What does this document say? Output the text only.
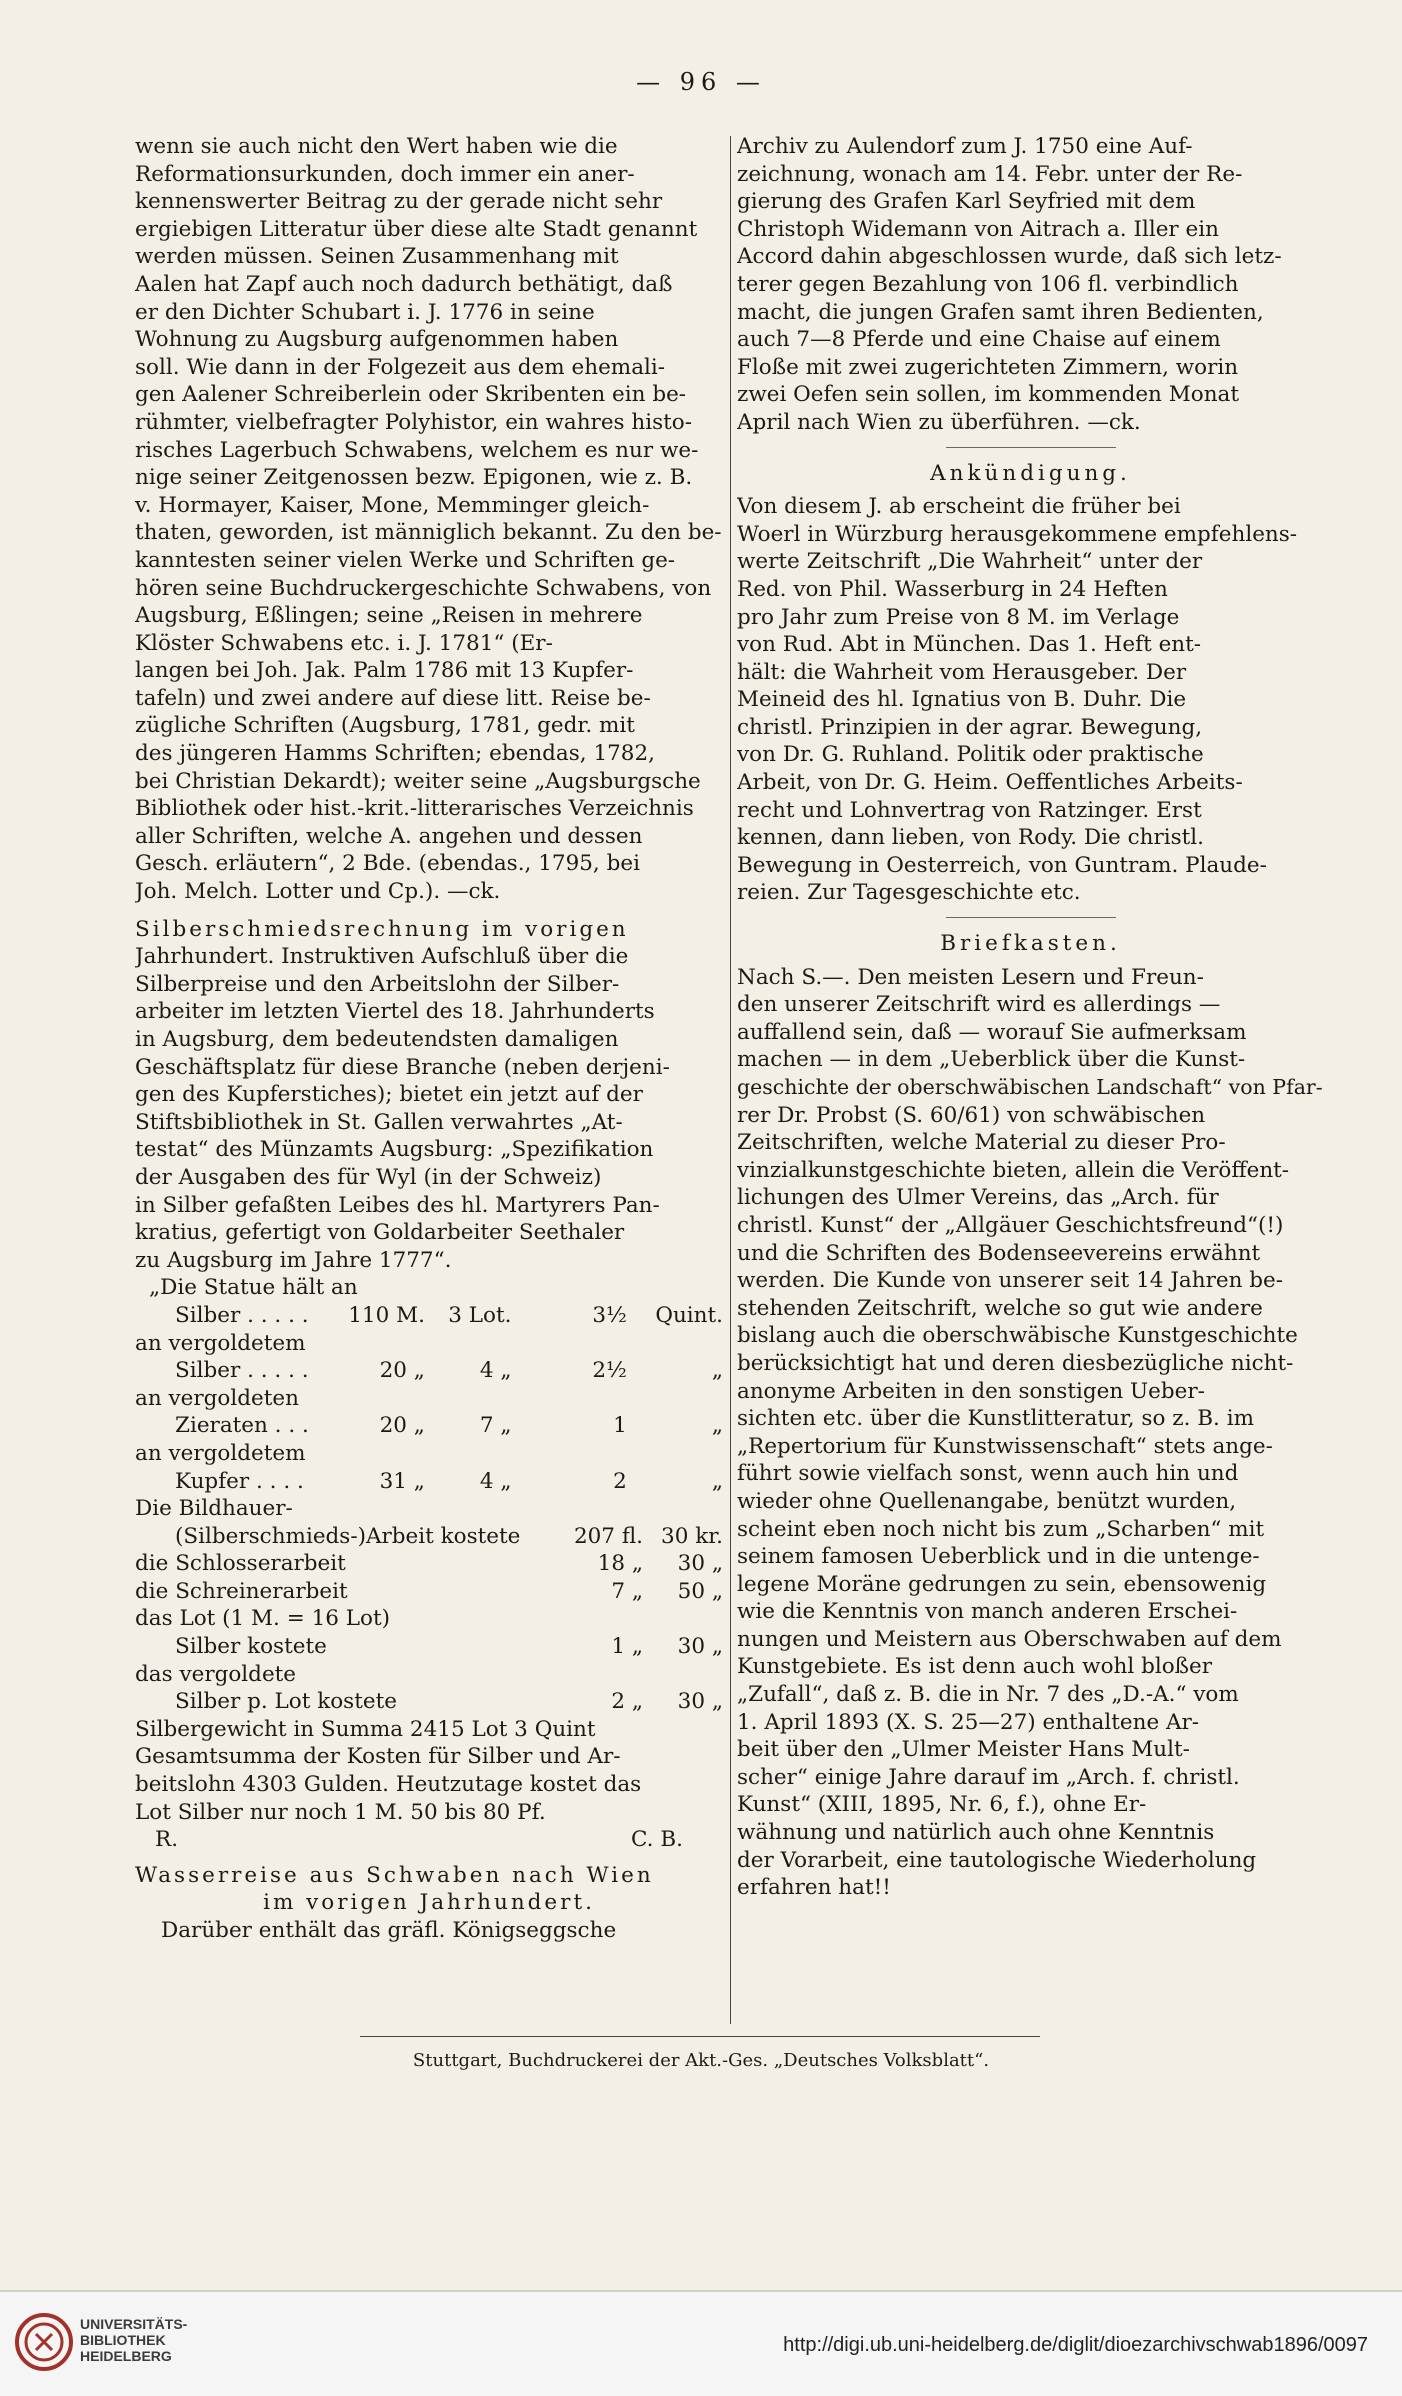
— 96 —
wenn sie auch nicht den Wert haben wie die
Reformationsurkunden, doch immer ein aner-
kennenswerter Beitrag zu der gerade nicht sehr
ergiebigen Litteratur über diese alte Stadt genannt
werden müssen. Seinen Zusammenhang mit
Aalen hat Zapf auch noch dadurch bethätigt, daß
er den Dichter Schubart i. J. 1776 in seine
Wohnung zu Augsburg aufgenommen haben
soll. Wie dann in der Folgezeit aus dem ehemali-
gen Aalener Schreiberlein oder Skribenten ein be-
rühmter, vielbefragter Polyhistor, ein wahres histo-
risches Lagerbuch Schwabens, welchem es nur we-
nige seiner Zeitgenossen bezw. Epigonen, wie z. B.
v. Hormayer, Kaiser, Mone, Memminger gleich-
thaten, geworden, ist männiglich bekannt. Zu den be-
kanntesten seiner vielen Werke und Schriften ge-
hören seine Buchdruckergeschichte Schwabens, von
Augsburg, Eßlingen; seine „Reisen in mehrere
Klöster Schwabens etc. i. J. 1781“ (Er-
langen bei Joh. Jak. Palm 1786 mit 13 Kupfer-
tafeln) und zwei andere auf diese litt. Reise be-
zügliche Schriften (Augsburg, 1781, gedr. mit
des jüngeren Hamms Schriften; ebendas, 1782,
bei Christian Dekardt); weiter seine „Augsburgsche
Bibliothek oder hist.-krit.-litterarisches Verzeichnis
aller Schriften, welche A. angehen und dessen
Gesch. erläutern“, 2 Bde. (ebendas., 1795, bei
Joh. Melch. Lotter und Cp.). —ck.
Silberschmiedsrechnung im vorigen
Jahrhundert. Instruktiven Aufschluß über die
Silberpreise und den Arbeitslohn der Silber-
arbeiter im letzten Viertel des 18. Jahrhunderts
in Augsburg, dem bedeutendsten damaligen
Geschäftsplatz für diese Branche (neben derjeni-
gen des Kupferstiches); bietet ein jetzt auf der
Stiftsbibliothek in St. Gallen verwahrtes „At-
testat“ des Münzamts Augsburg: „Spezifikation
der Ausgaben des für Wyl (in der Schweiz)
in Silber gefaßten Leibes des hl. Martyrers Pan-
kratius, gefertigt von Goldarbeiter Seethaler
zu Augsburg im Jahre 1777“.
„Die Statue hält an
Silber . . . . .	110 M.	3 Lot.	3½	Quint.
an vergoldetem
Silber . . . . .	20 „	4 „	2½	„
an vergoldeten
Zieraten . . .	20 „	7 „	1	„
an vergoldetem
Kupfer . . . .	31 „	4 „	2	„
Die Bildhauer-
(Silberschmieds-)Arbeit kostete	207 fl. 30 kr.
die Schlosserarbeit	18 „	30 „
die Schreinerarbeit	7 „	50 „
das Lot (1 M. = 16 Lot)
Silber kostete	1 „	30 „
das vergoldete
Silber p. Lot kostete	2 „	30 „
Silbergewicht in Summa 2415 Lot 3 Quint
Gesamtsumma der Kosten für Silber und Ar-
beitslohn 4303 Gulden. Heutzutage kostet das
Lot Silber nur noch 1 M. 50 bis 80 Pf.
R.	C. B.
Wasserreise aus Schwaben nach Wien
im vorigen Jahrhundert.
Darüber enthält das gräfl. Königseggsche
Archiv zu Aulendorf zum J. 1750 eine Auf-
zeichnung, wonach am 14. Febr. unter der Re-
gierung des Grafen Karl Seyfried mit dem
Christoph Widemann von Aitrach a. Iller ein
Accord dahin abgeschlossen wurde, daß sich letz-
terer gegen Bezahlung von 106 fl. verbindlich
macht, die jungen Grafen samt ihren Bedienten,
auch 7—8 Pferde und eine Chaise auf einem
Floße mit zwei zugerichteten Zimmern, worin
zwei Oefen sein sollen, im kommenden Monat
April nach Wien zu überführen. —ck.
Ankündigung.
Von diesem J. ab erscheint die früher bei
Woerl in Würzburg herausgekommene empfehlens-
werte Zeitschrift „Die Wahrheit“ unter der
Red. von Phil. Wasserburg in 24 Heften
pro Jahr zum Preise von 8 M. im Verlage
von Rud. Abt in München. Das 1. Heft ent-
hält: die Wahrheit vom Herausgeber. Der
Meineid des hl. Ignatius von B. Duhr. Die
christl. Prinzipien in der agrar. Bewegung,
von Dr. G. Ruhland. Politik oder praktische
Arbeit, von Dr. G. Heim. Oeffentliches Arbeits-
recht und Lohnvertrag von Ratzinger. Erst
kennen, dann lieben, von Rody. Die christl.
Bewegung in Oesterreich, von Guntram. Plaude-
reien. Zur Tagesgeschichte etc.
Briefkasten.
Nach S.—. Den meisten Lesern und Freun-
den unserer Zeitschrift wird es allerdings —
auffallend sein, daß — worauf Sie aufmerksam
machen — in dem „Ueberblick über die Kunst-
geschichte der oberschwäbischen Landschaft“ von Pfar-
rer Dr. Probst (S. 60/61) von schwäbischen
Zeitschriften, welche Material zu dieser Pro-
vinzialkunstgeschichte bieten, allein die Veröffent-
lichungen des Ulmer Vereins, das „Arch. für
christl. Kunst“ der „Allgäuer Geschichtsfreund“(!)
und die Schriften des Bodenseevereins erwähnt
werden. Die Kunde von unserer seit 14 Jahren be-
stehenden Zeitschrift, welche so gut wie andere
bislang auch die oberschwäbische Kunstgeschichte
berücksichtigt hat und deren diesbezügliche nicht-
anonyme Arbeiten in den sonstigen Ueber-
sichten etc. über die Kunstlitteratur, so z. B. im
„Repertorium für Kunstwissenschaft“ stets ange-
führt sowie vielfach sonst, wenn auch hin und
wieder ohne Quellenangabe, benützt wurden,
scheint eben noch nicht bis zum „Scharben“ mit
seinem famosen Ueberblick und in die untenge-
legene Moräne gedrungen zu sein, ebensowenig
wie die Kenntnis von manch anderen Erschei-
nungen und Meistern aus Oberschwaben auf dem
Kunstgebiete. Es ist denn auch wohl bloßer
„Zufall“, daß z. B. die in Nr. 7 des „D.-A.“ vom
1. April 1893 (X. S. 25—27) enthaltene Ar-
beit über den „Ulmer Meister Hans Mult-
scher“ einige Jahre darauf im „Arch. f. christl.
Kunst“ (XIII, 1895, Nr. 6, f.), ohne Er-
wähnung und natürlich auch ohne Kenntnis
der Vorarbeit, eine tautologische Wiederholung
erfahren hat!!
Stuttgart, Buchdruckerei der Akt.-Ges. „Deutsches Volksblatt“.
UNIVERSITÄTS-
BIBLIOTHEK
HEIDELBERG	http://digi.ub.uni-heidelberg.de/diglit/dioezarchivschwab1896/0097
